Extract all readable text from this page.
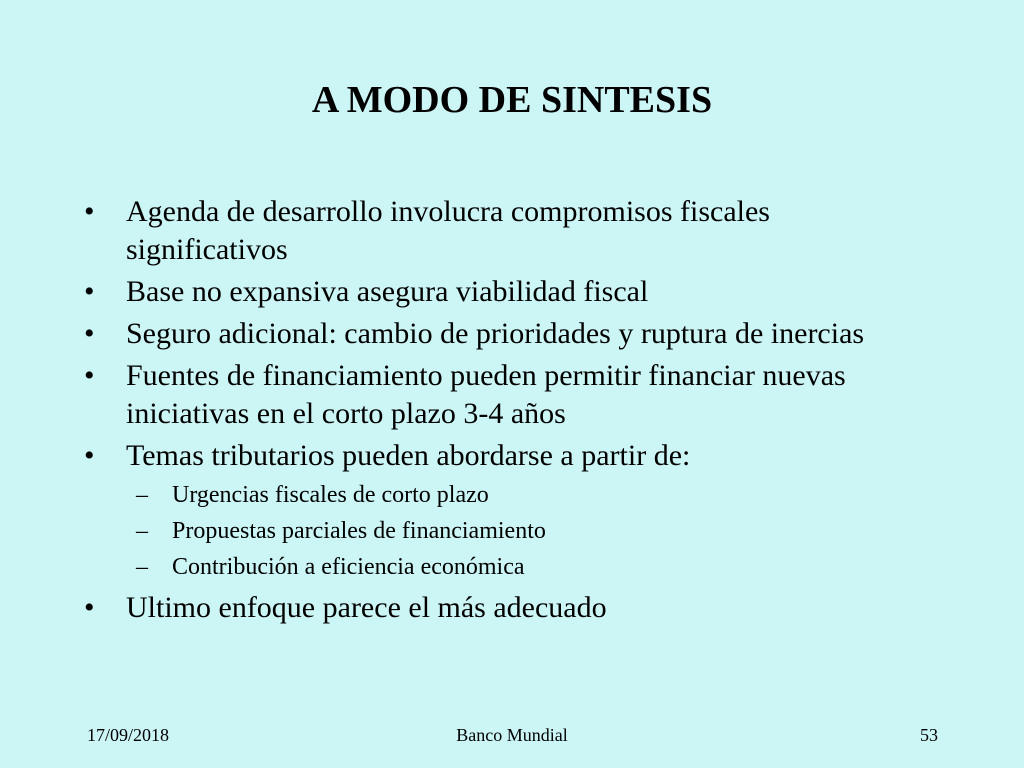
A MODO DE SINTESIS
• Agenda de desarrollo involucra compromisos fiscales significativos
• Base no expansiva asegura viabilidad fiscal
• Seguro adicional: cambio de prioridades y ruptura de inercias
• Fuentes de financiamiento pueden permitir financiar nuevas iniciativas en el corto plazo 3-4 años
• Temas tributarios pueden abordarse a partir de:
– Urgencias fiscales de corto plazo
– Propuestas parciales de financiamiento
– Contribución a eficiencia económica
• Ultimo enfoque parece el más adecuado
17/09/2018	Banco Mundial	53
